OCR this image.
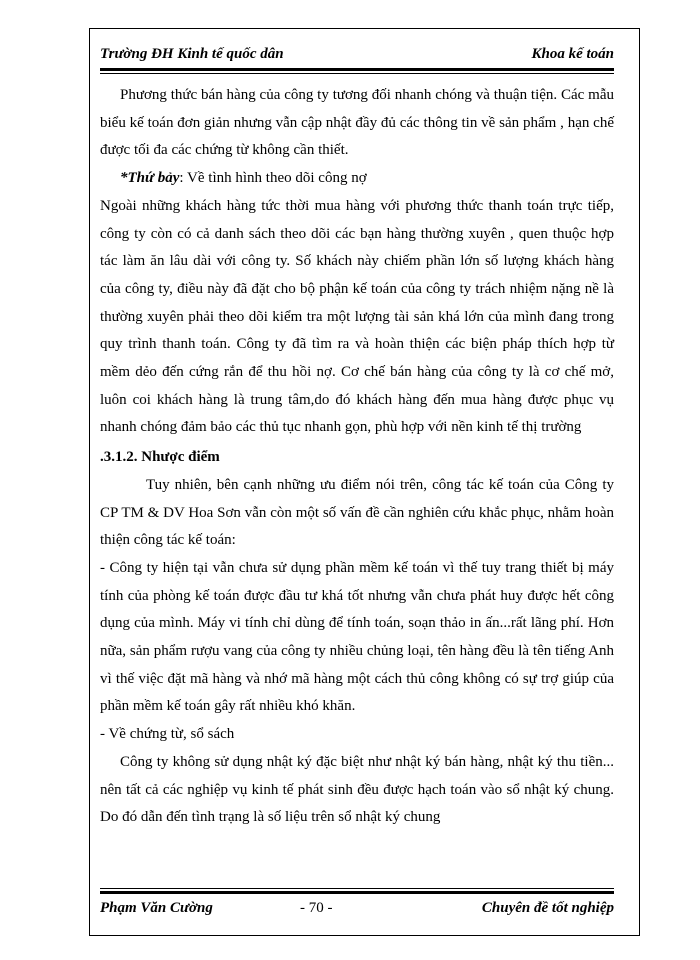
Trường ĐH Kinh tế quốc dân	Khoa kế toán

Phương thức bán hàng của công ty tương đối nhanh chóng và thuận tiện. Các mẫu biểu kế toán đơn giản nhưng vẫn cập nhật đầy đủ các thông tin về sản phẩm , hạn chế được tối đa các chứng từ không cần thiết.

*Thứ bảy: Về tình hình theo dõi công nợ

Ngoài những khách hàng tức thời mua hàng với phương thức thanh toán trực tiếp, công ty còn có cả danh sách theo dõi các bạn hàng thường xuyên , quen thuộc hợp tác làm ăn lâu dài với công ty. Số khách này chiếm phần lớn số lượng khách hàng của công ty, điều này đã đặt cho bộ phận kế toán của công ty trách nhiệm nặng nề là thường xuyên phải theo dõi kiểm tra một lượng tài sản khá lớn của mình đang trong quy trình thanh toán. Công ty đã tìm ra và hoàn thiện các biện pháp thích hợp từ mềm dẻo đến cứng rắn để thu hồi nợ. Cơ chế bán hàng của công ty là cơ chế mở, luôn coi khách hàng là trung tâm,do đó khách hàng đến mua hàng được phục vụ nhanh chóng đảm bảo các thủ tục nhanh gọn, phù hợp với nền kinh tế thị trường

.3.1.2. Nhược điểm

Tuy nhiên, bên cạnh những ưu điểm nói trên, công tác kế toán của Công ty CP TM & DV Hoa Sơn vẫn còn một số vấn đề cần nghiên cứu khắc phục, nhằm hoàn thiện công tác kế toán:

- Công ty hiện tại vẫn chưa sử dụng phần mềm kế toán vì thế tuy trang thiết bị máy tính của phòng kế toán được đầu tư khá tốt nhưng vẫn chưa phát huy được hết công dụng của mình. Máy vi tính chỉ dùng để tính toán, soạn thảo in ấn...rất lãng phí. Hơn nữa, sản phẩm rượu vang của công ty nhiều chủng loại, tên hàng đều là tên tiếng Anh vì thế việc đặt mã hàng và nhớ mã hàng một cách thủ công không có sự trợ giúp của phần mềm kế toán gây rất nhiều khó khăn.

- Về chứng từ, sổ sách

Công ty không sử dụng nhật ký đặc biệt như nhật ký bán hàng, nhật ký thu tiền... nên tất cả các nghiệp vụ kinh tế phát sinh đều được hạch toán vào sổ nhật ký chung. Do đó dẫn đến tình trạng là số liệu trên sổ nhật ký chung

Phạm Văn Cường	- 70 -	Chuyên đề tốt nghiệp
